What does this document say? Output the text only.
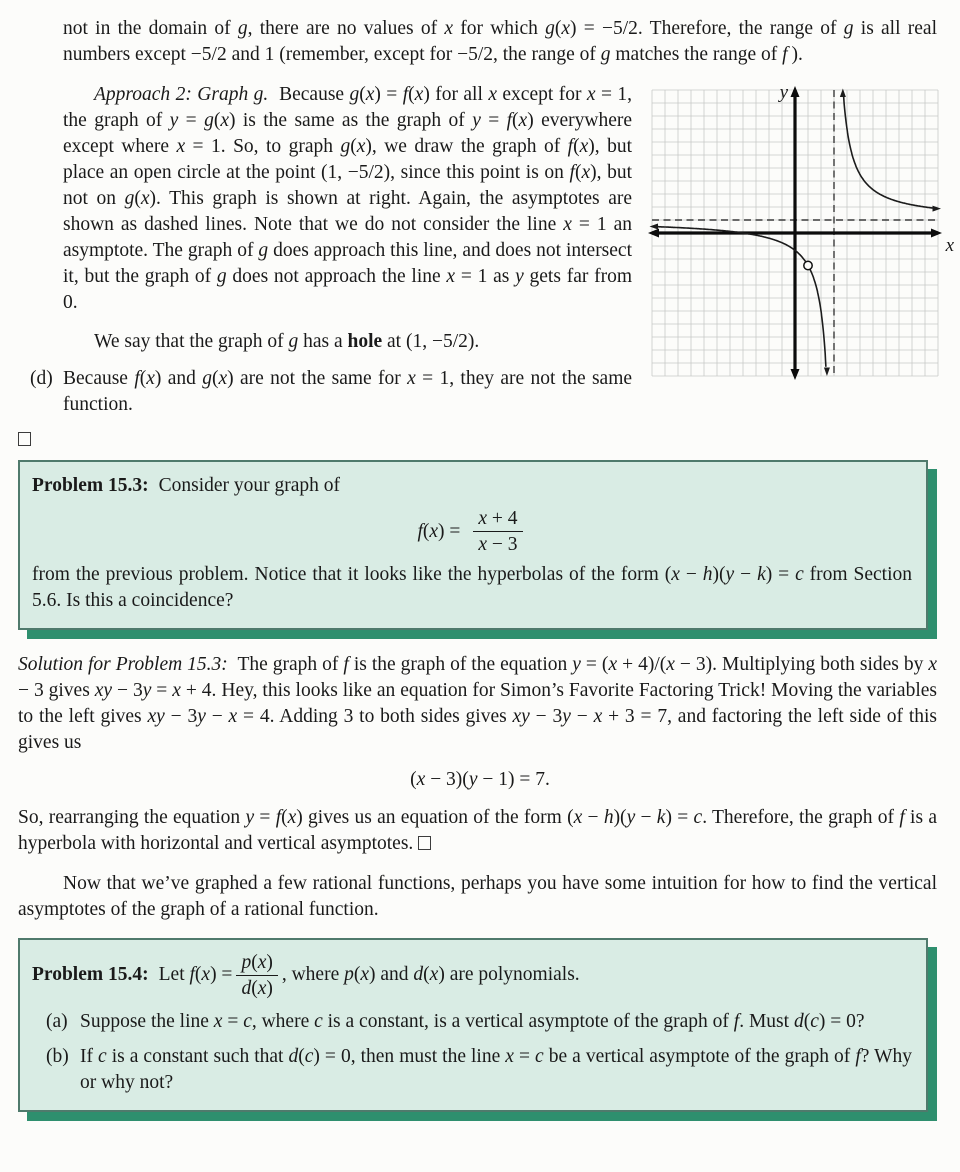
not in the domain of g, there are no values of x for which g(x) = −5/2. Therefore, the range of g is all real numbers except −5/2 and 1 (remember, except for −5/2, the range of g matches the range of f ).

Approach 2: Graph g.  Because g(x) = f(x) for all x except for x = 1, the graph of y = g(x) is the same as the graph of y = f(x) everywhere except where x = 1. So, to graph g(x), we draw the graph of f(x), but place an open circle at the point (1, −5/2), since this point is on f(x), but not on g(x). This graph is shown at right. Again, the asymptotes are shown as dashed lines. Note that we do not consider the line x = 1 an asymptote. The graph of g does approach this line, and does not intersect it, but the graph of g does not approach the line x = 1 as y gets far from 0.

We say that the graph of g has a hole at (1, −5/2).

(d) Because f(x) and g(x) are not the same for x = 1, they are not the same function.
y
x

Problem 15.3: Consider your graph of

$f(x) = \frac{x + 4}{x - 3}$

from the previous problem. Notice that it looks like the hyperbolas of the form (x − h)(y − k) = c from Section 5.6. Is this a coincidence?

Solution for Problem 15.3:  The graph of f is the graph of the equation y = (x + 4)/(x − 3). Multiplying both sides by x − 3 gives xy − 3y = x + 4. Hey, this looks like an equation for Simon’s Favorite Factoring Trick! Moving the variables to the left gives xy − 3y − x = 4. Adding 3 to both sides gives xy − 3y − x + 3 = 7, and factoring the left side of this gives us

(x − 3)(y − 1) = 7.

So, rearranging the equation y = f(x) gives us an equation of the form (x − h)(y − k) = c. Therefore, the graph of f is a hyperbola with horizontal and vertical asymptotes.

Now that we’ve graphed a few rational functions, perhaps you have some intuition for how to find the vertical asymptotes of the graph of a rational function.

Problem 15.4: Let $f(x) = \frac{p(x)}{d(x)}$ , where p(x) and d(x) are polynomials.

(a) Suppose the line x = c, where c is a constant, is a vertical asymptote of the graph of f. Must d(c) = 0?
(b) If c is a constant such that d(c) = 0, then must the line x = c be a vertical asymptote of the graph of f? Why or why not?
